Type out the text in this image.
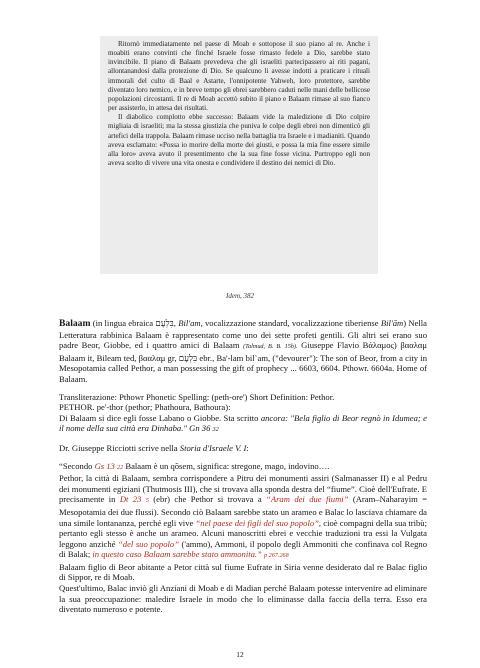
Ritornò immediatamente nel paese di Moab e sottopose il suo piano al re. Anche i moabiti erano convinti che finché Israele fosse rimasto fedele a Dio, sarebbe stato invincibile. Il piano di Balaam prevedeva che gli israeliti partecipassero ai riti pagani, allontanandosi dalla protezione di Dio. Se qualcuno li avesse indotti a praticare i rituali immorali del culto di Baal e Astarte, l'onnipotente Yahweh, loro protettore, sarebbe diventato loro nemico, e in breve tempo gli ebrei sarebbero caduti nelle mani delle bellicose popolazioni circostanti. Il re di Moab accettò subito il piano e Balaam rimase al suo fianco per assisterlo, in attesa dei risultati.

Il diabolico complotto ebbe successo: Balaam vide la maledizione di Dio colpire migliaia di israeliti; ma la stessa giustizia che puniva le colpe degli ebrei non dimenticò gli artefici della trappola. Balaam rimase ucciso nella battaglia tra Israele e i madianiti. Quando aveva esclamato: «Possa io morire della morte dei giusti, e possa la mia fine essere simile alla loro» aveva avuto il presentimento che la sua fine fosse vicina. Purtroppo egli non aveva scelto di vivere una vita onesta e condividere il destino dei nemici di Dio.

Idem, 382

Balaam (in lingua ebraica בִּלְעָם, Bil'am, vocalizzazione standard, vocalizzazione tiberiense Bil'ām) Nella Letteratura rabbinica Balaam è rappresentato come uno dei sette profeti gentili. Gli altri sei erano suo padre Beor, Giobbe, ed i quattro amici di Balaam (Talmud, B. B. 15b). Giuseppe Flavio Βάλαμος) βααλαμ Balaam it, Bileam ted, βααλαμ gr, בִּלְעָם ebr., Ba'-lam bil`am, ("devourer"): The son of Beor, from a city in Mesopotamia called Pethor, a man possessing the gift of prophecy ... 6603, 6604. Pthowr. 6604a. Home of Balaam.

Transliterazione: Pthowr Phonetic Spelling: (peth-ore') Short Definition: Pethor.

PETHOR. pe'-thor (pethor; Phathoura, Bathoura):

Di Balaam si dice egli fosse Labano o Giobbe. Sta scritto ancora: "Bela figlio di Beor regnò in Idumea; e il nome della sua città era Dinhaba." Gn 36 32

Dr. Giuseppe Ricciotti scrive nella Storia d'Israele V. I:

“Secondo Gs 13 22 Balaam è un qõsem, significa: stregone, mago, indovino….

Pethor, la città di Balaam, sembra corrispondere a Pitru dei monumenti assiri (Salmanasser II) e al Pedru dei monumenti egiziani (Thutmosis III), che si trovava alla sponda destra del “fiume”. Cioè dell'Eufrate. E precisamente in Dt 23 5 (ebr) che Pethor si trovava a “Aram dei due fiumi” (Aram–Naharayim = Mesopotamia dei due flussi). Secondo ciò Balaam sarebbe stato un arameo e Balac lo lasciava chiamare da una simile lontananza, perché egli vive “nel paese dei figli del suo popolo”, cioè compagni della sua tribù; pertanto egli stesso è anche un arameo. Alcuni manoscritti ebrei e vecchie traduzioni tra essi la Vulgata leggono anziché “del suo popolo” ('ammo), Ammoni, il popolo degli Ammoniti che confinava col Regno di Balak; in questo caso Balaam sarebbe stato ammonita.” p 267.268

Balaam figlio di Beor abitante a Petor città sul fiume Eufrate in Siria venne desiderato dal re Balac figlio di Sippor, re di Moab.

Quest'ultimo, Balac inviò gli Anziani di Moab e di Madian perché Balaam potesse intervenire ad eliminare la sua preoccupazione: maledire Israele in modo che lo eliminasse dalla faccia della terra. Esso era diventato numeroso e potente.

12
